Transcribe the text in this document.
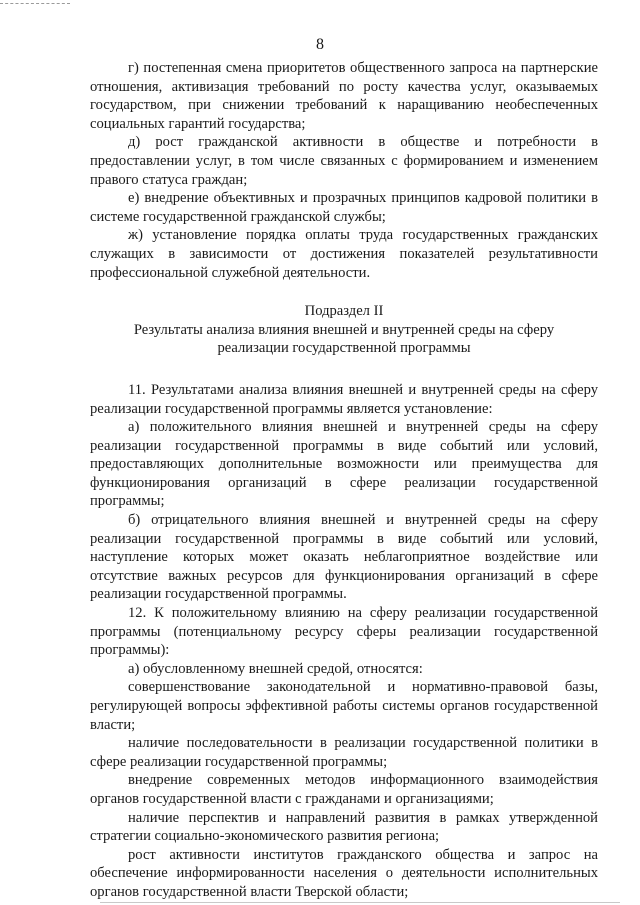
8

г) постепенная смена приоритетов общественного запроса на партнерские отношения, активизация требований по росту качества услуг, оказываемых государством, при снижении требований к наращиванию необеспеченных социальных гарантий государства;

д) рост гражданской активности в обществе и потребности в предоставлении услуг, в том числе связанных с формированием и изменением правого статуса граждан;

е) внедрение объективных и прозрачных принципов кадровой политики в системе государственной гражданской службы;

ж) установление порядка оплаты труда государственных гражданских служащих в зависимости от достижения показателей результативности профессиональной служебной деятельности.

Подраздел II
Результаты анализа влияния внешней и внутренней среды на сферу
реализации государственной программы

11. Результатами анализа влияния внешней и внутренней среды на сферу реализации государственной программы является установление:

а) положительного влияния внешней и внутренней среды на сферу реализации государственной программы в виде событий или условий, предоставляющих дополнительные возможности или преимущества для функционирования организаций в сфере реализации государственной программы;

б) отрицательного влияния внешней и внутренней среды на сферу реализации государственной программы в виде событий или условий, наступление которых может оказать неблагоприятное воздействие или отсутствие важных ресурсов для функционирования организаций в сфере реализации государственной программы.

12. К положительному влиянию на сферу реализации государственной программы (потенциальному ресурсу сферы реализации государственной программы):

а) обусловленному внешней средой, относятся:

совершенствование законодательной и нормативно-правовой базы, регулирующей вопросы эффективной работы системы органов государственной власти;

наличие последовательности в реализации государственной политики в сфере реализации государственной программы;

внедрение современных методов информационного взаимодействия органов государственной власти с гражданами и организациями;

наличие перспектив и направлений развития в рамках утвержденной стратегии социально-экономического развития региона;

рост активности институтов гражданского общества и запрос на обеспечение информированности населения о деятельности исполнительных органов государственной власти Тверской области;
